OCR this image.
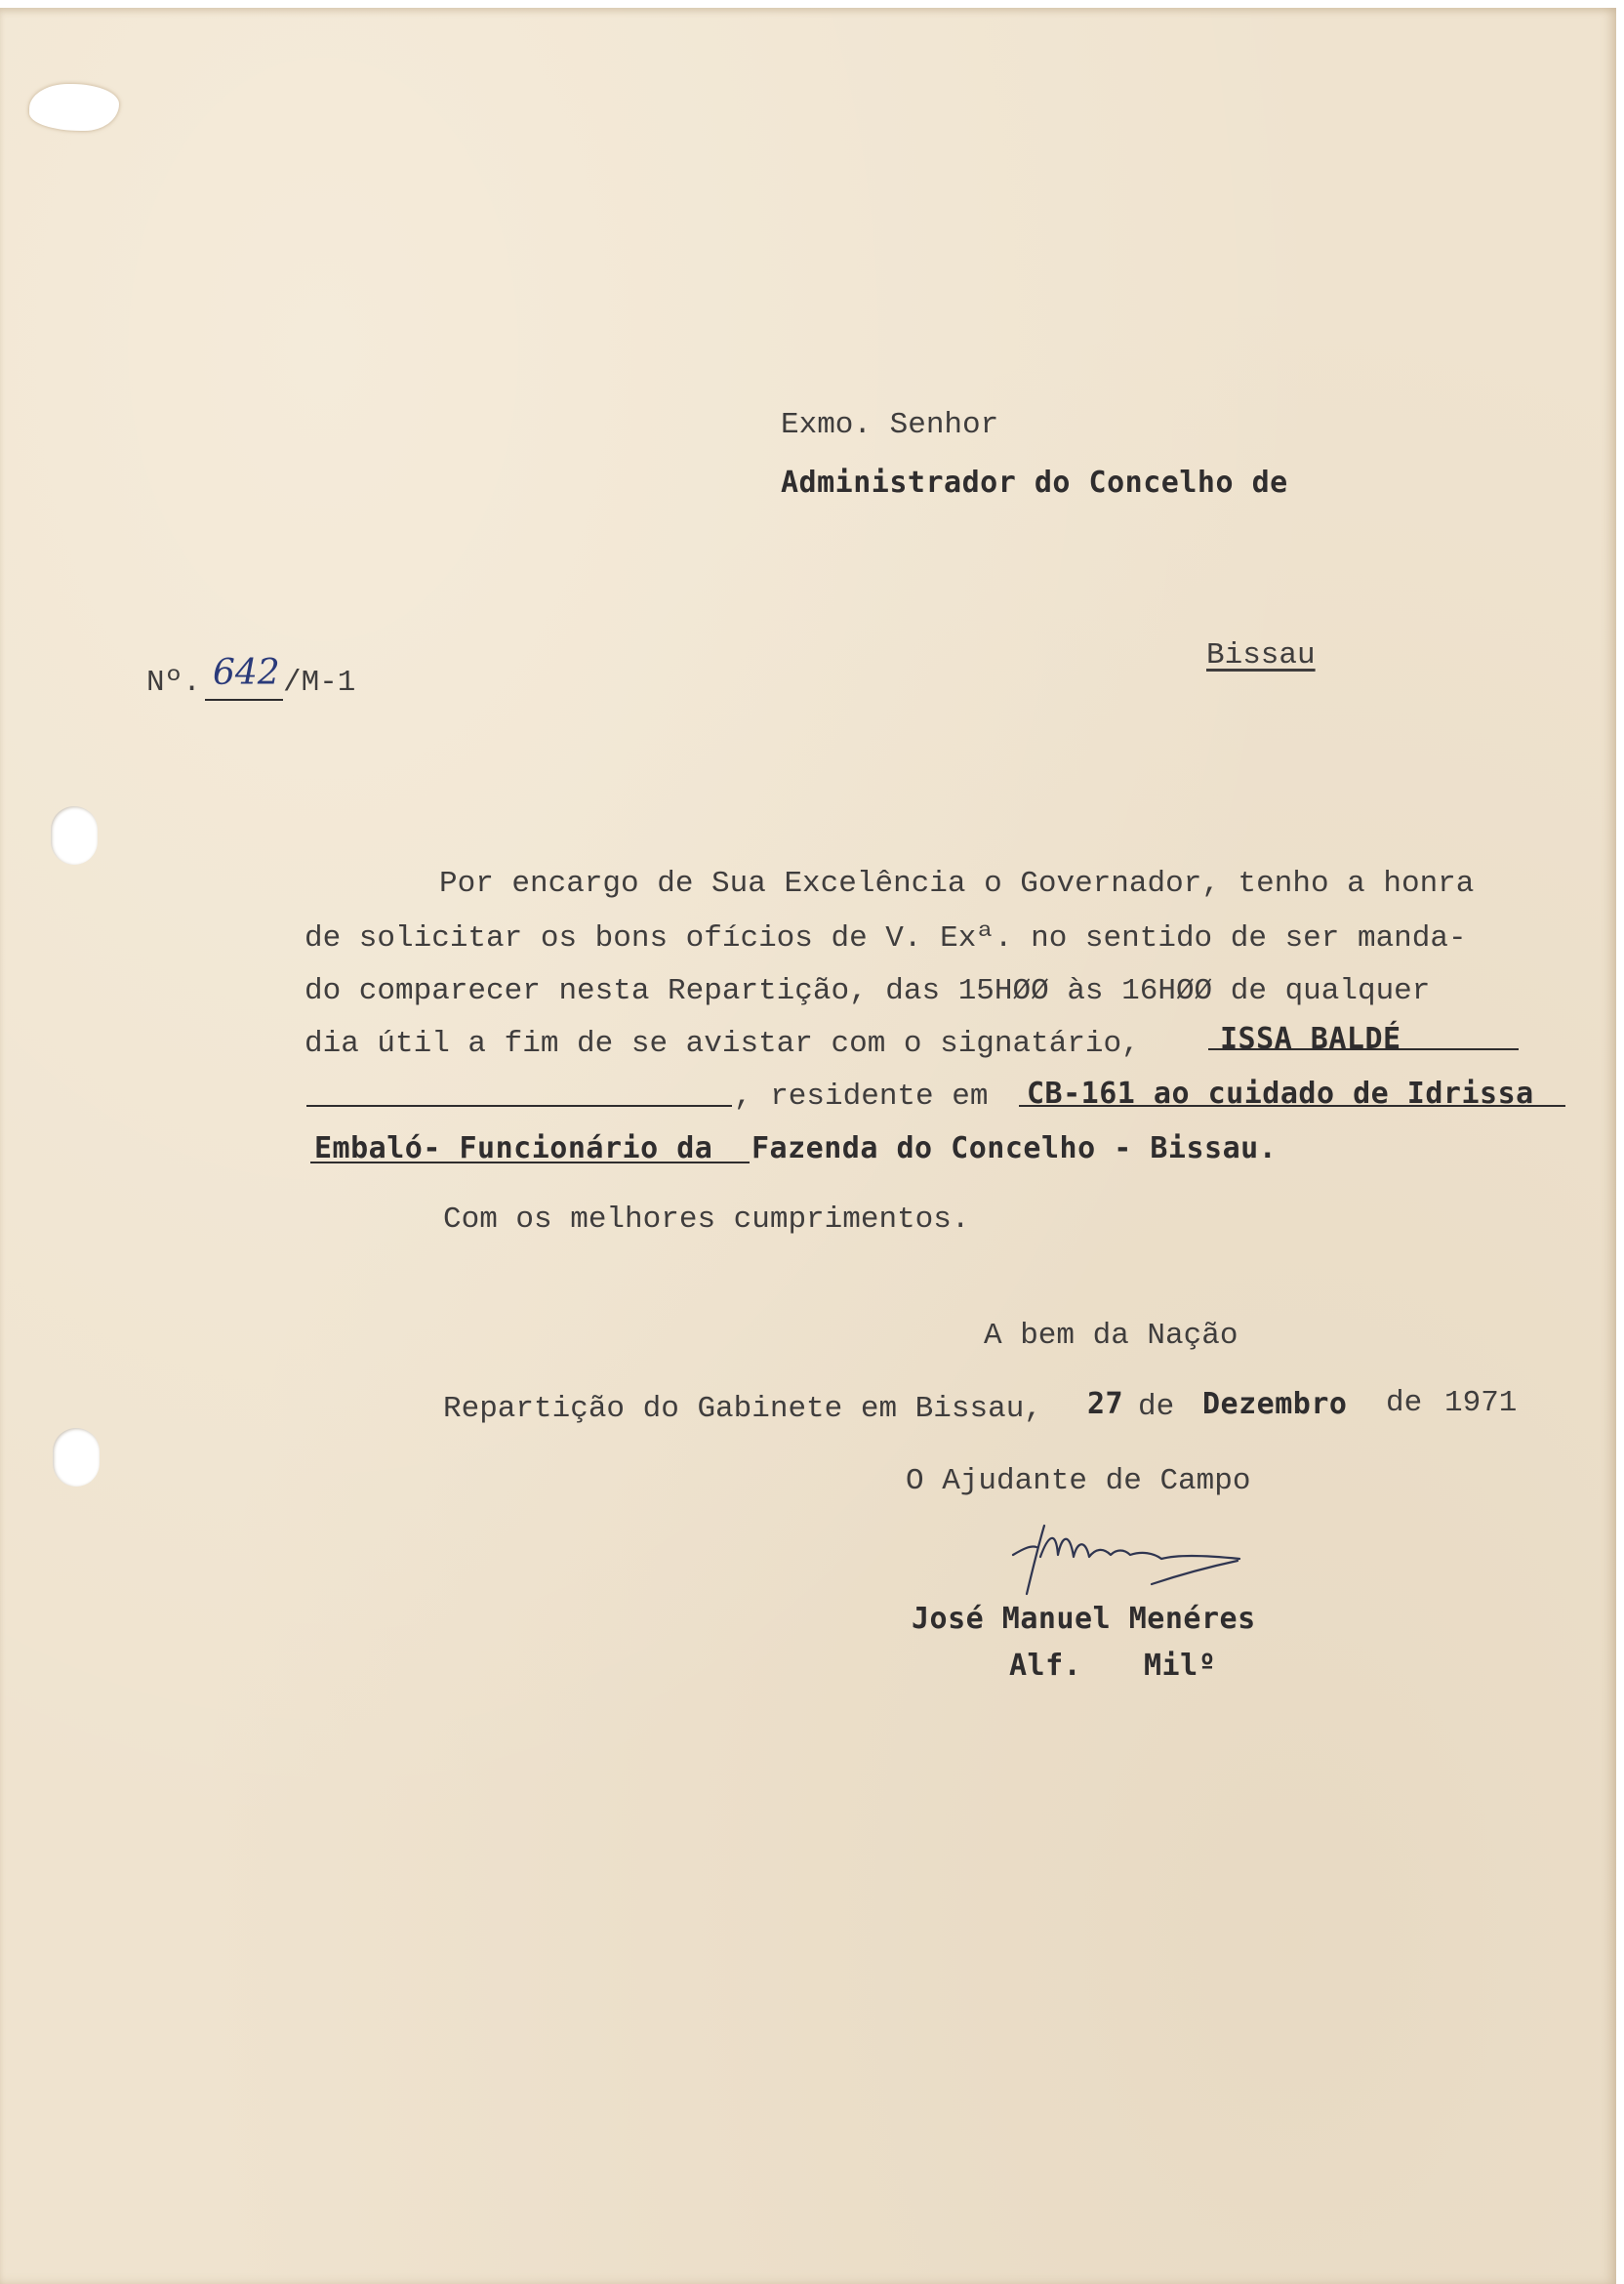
Exmo. Senhor
Administrador do Concelho de
Bissau
Nº. 642 /M-1
Por encargo de Sua Excelência o Governador, tenho a honra
de solicitar os bons ofícios de V. Exª. no sentido de ser manda-
do comparecer nesta Repartição, das 15HØØ às 16HØØ de qualquer
dia útil a fim de se avistar com o signatário,	ISSA BALDÉ
, residente em CB-161 ao cuidado de Idrissa
Embaló- Funcionário da Fazenda do Concelho - Bissau.
Com os melhores cumprimentos.
A bem da Nação
Repartição do Gabinete em Bissau, 27 de Dezembro de 1971
O Ajudante de Campo
José Manuel Menéres
Alf. Milº
